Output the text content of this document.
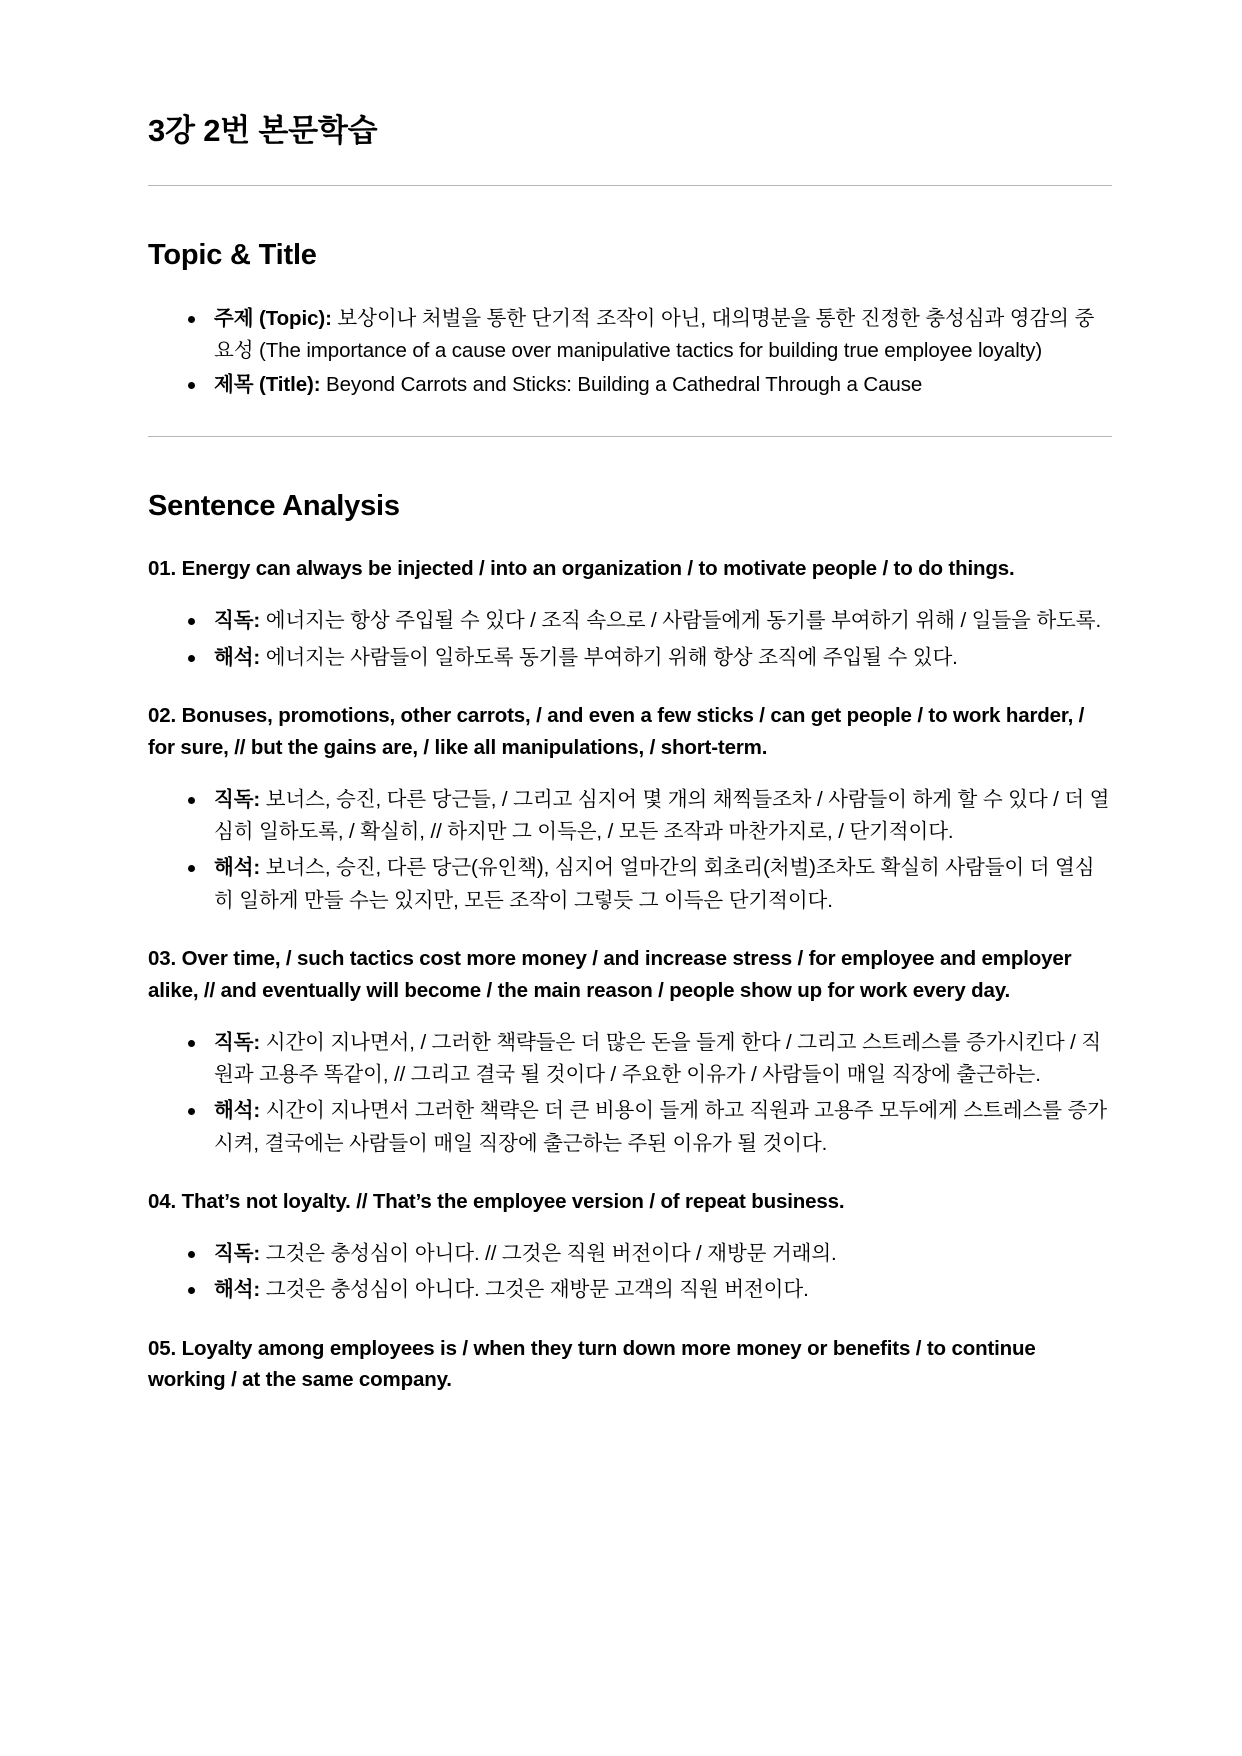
3강 2번 본문학습
Topic & Title
주제 (Topic): 보상이나 처벌을 통한 단기적 조작이 아닌, 대의명분을 통한 진정한 충성심과 영감의 중요성 (The importance of a cause over manipulative tactics for building true employee loyalty)
제목 (Title): Beyond Carrots and Sticks: Building a Cathedral Through a Cause
Sentence Analysis

01. Energy can always be injected / into an organization / to motivate people / to do things.

직독: 에너지는 항상 주입될 수 있다 / 조직 속으로 / 사람들에게 동기를 부여하기 위해 / 일들을 하도록.
해석: 에너지는 사람들이 일하도록 동기를 부여하기 위해 항상 조직에 주입될 수 있다.

02. Bonuses, promotions, other carrots, / and even a few sticks / can get people / to work harder, / for sure, // but the gains are, / like all manipulations, / short-term.

직독: 보너스, 승진, 다른 당근들, / 그리고 심지어 몇 개의 채찍들조차 / 사람들이 하게 할 수 있다 / 더 열심히 일하도록, / 확실히, // 하지만 그 이득은, / 모든 조작과 마찬가지로, / 단기적이다.
해석: 보너스, 승진, 다른 당근(유인책), 심지어 얼마간의 회초리(처벌)조차도 확실히 사람들이 더 열심히 일하게 만들 수는 있지만, 모든 조작이 그렇듯 그 이득은 단기적이다.

03. Over time, / such tactics cost more money / and increase stress / for employee and employer alike, // and eventually will become / the main reason / people show up for work every day.

직독: 시간이 지나면서, / 그러한 책략들은 더 많은 돈을 들게 한다 / 그리고 스트레스를 증가시킨다 / 직원과 고용주 똑같이, // 그리고 결국 될 것이다 / 주요한 이유가 / 사람들이 매일 직장에 출근하는.
해석: 시간이 지나면서 그러한 책략은 더 큰 비용이 들게 하고 직원과 고용주 모두에게 스트레스를 증가시켜, 결국에는 사람들이 매일 직장에 출근하는 주된 이유가 될 것이다.

04. That’s not loyalty. // That’s the employee version / of repeat business.

직독: 그것은 충성심이 아니다. // 그것은 직원 버전이다 / 재방문 거래의.
해석: 그것은 충성심이 아니다. 그것은 재방문 고객의 직원 버전이다.

05. Loyalty among employees is / when they turn down more money or benefits / to continue working / at the same company.
